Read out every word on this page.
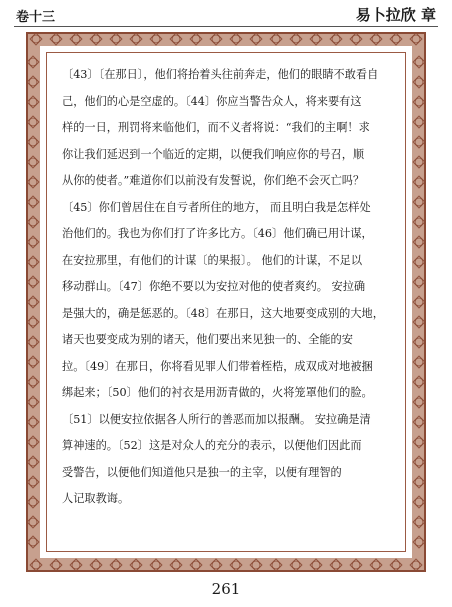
卷十三	易卜拉欣 章
〔43〕〔在那日〕，他们将抬着头往前奔走，他们的眼睛不敢看自
己，他们的心是空虚的。〔44〕你应当警告众人，将来要有这
样的一日，刑罚将来临他们，而不义者将说：“我们的主啊！求
你让我们延迟到一个临近的定期，以便我们响应你的号召，顺
从你的使者。”难道你们以前没有发誓说，你们绝不会灭亡吗？
〔45〕你们曾居住在自亏者所住的地方， 而且明白我是怎样处
治他们的。我也为你们打了许多比方。〔46〕他们确已用计谋，
在安拉那里，有他们的计谋〔的果报〕。 他们的计谋，不足以
移动群山。〔47〕你绝不要以为安拉对他的使者爽约。 安拉确
是强大的，确是惩恶的。〔48〕在那日，这大地要变成别的大地，
诸天也要变成为别的诸天，他们要出来见独一的、全能的安
拉。〔49〕在那日，你将看见罪人们带着桎梏，成双成对地被捆
绑起来；〔50〕他们的衬衣是用沥青做的，火将笼罩他们的脸。
〔51〕以便安拉依据各人所行的善恶而加以报酬。 安拉确是清
算神速的。〔52〕这是对众人的充分的表示，以便他们因此而
受警告，以便他们知道他只是独一的主宰，以便有理智的
人记取教诲。
261
